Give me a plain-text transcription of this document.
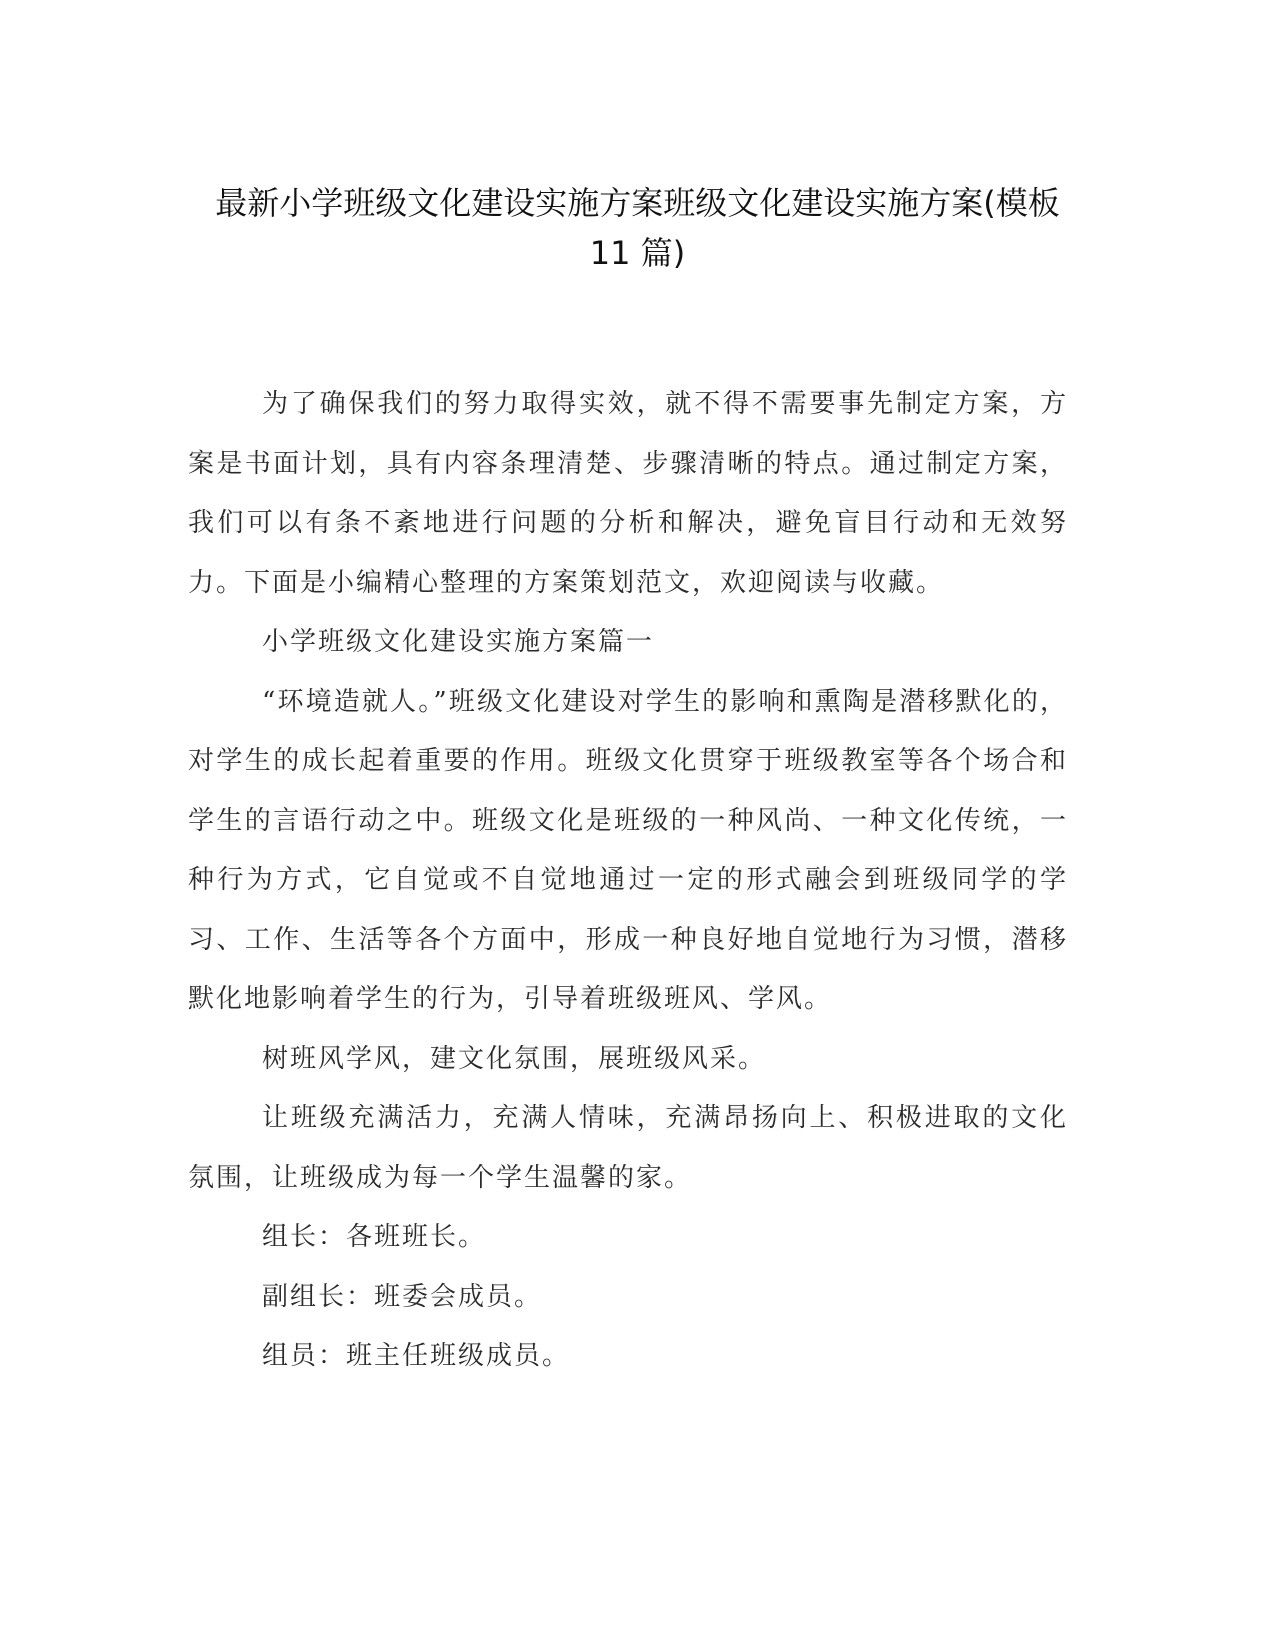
最新小学班级文化建设实施方案班级文化建设实施方案(模板
11 篇)

为了确保我们的努力取得实效，就不得不需要事先制定方案，方案是书面计划，具有内容条理清楚、步骤清晰的特点。通过制定方案，我们可以有条不紊地进行问题的分析和解决，避免盲目行动和无效努力。下面是小编精心整理的方案策划范文，欢迎阅读与收藏。

小学班级文化建设实施方案篇一

“环境造就人。”班级文化建设对学生的影响和熏陶是潜移默化的，对学生的成长起着重要的作用。班级文化贯穿于班级教室等各个场合和学生的言语行动之中。班级文化是班级的一种风尚、一种文化传统，一种行为方式，它自觉或不自觉地通过一定的形式融会到班级同学的学习、工作、生活等各个方面中，形成一种良好地自觉地行为习惯，潜移默化地影响着学生的行为，引导着班级班风、学风。

树班风学风，建文化氛围，展班级风采。

让班级充满活力，充满人情味，充满昂扬向上、积极进取的文化氛围，让班级成为每一个学生温馨的家。

组长：各班班长。

副组长：班委会成员。

组员：班主任班级成员。
